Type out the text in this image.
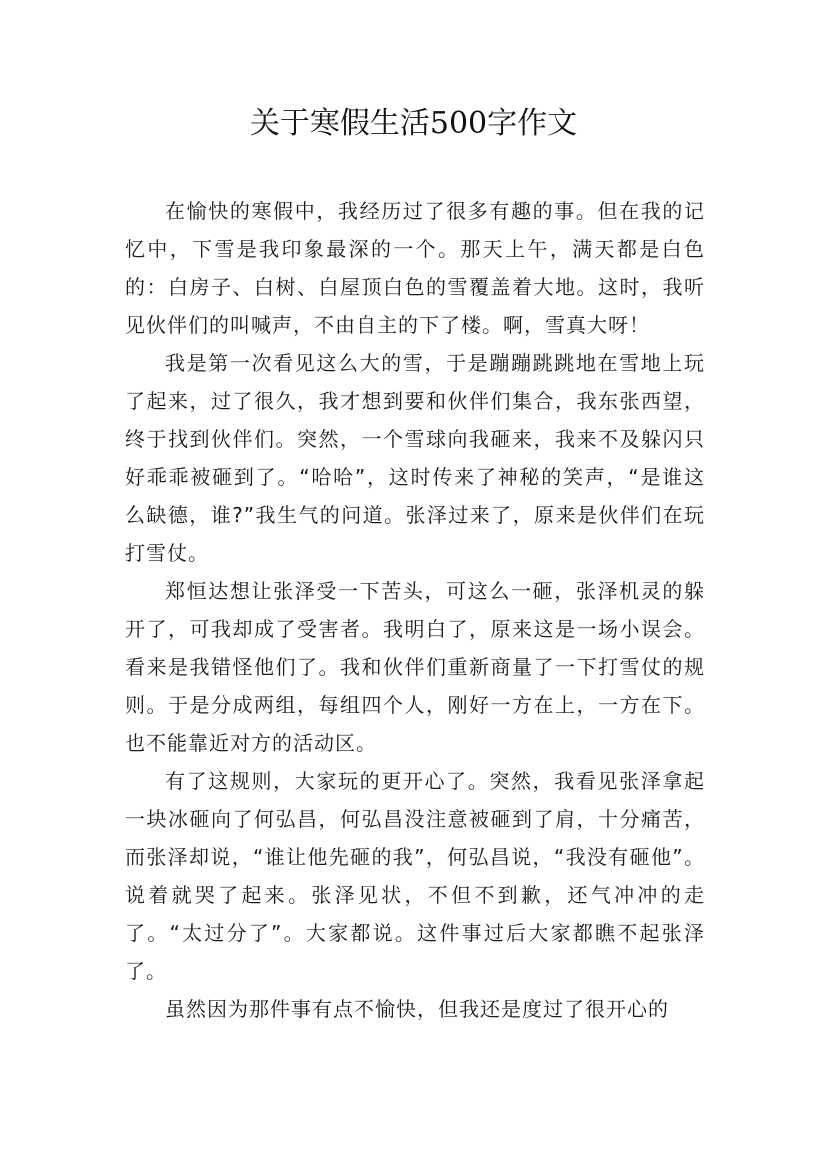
关于寒假生活500字作文

在愉快的寒假中，我经历过了很多有趣的事。但在我的记忆中，下雪是我印象最深的一个。那天上午，满天都是白色的：白房子、白树、白屋顶白色的雪覆盖着大地。这时，我听见伙伴们的叫喊声，不由自主的下了楼。啊，雪真大呀！

我是第一次看见这么大的雪，于是蹦蹦跳跳地在雪地上玩了起来，过了很久，我才想到要和伙伴们集合，我东张西望，终于找到伙伴们。突然，一个雪球向我砸来，我来不及躲闪只好乖乖被砸到了。“哈哈”，这时传来了神秘的笑声，“是谁这么缺德，谁?”我生气的问道。张泽过来了，原来是伙伴们在玩打雪仗。

郑恒达想让张泽受一下苦头，可这么一砸，张泽机灵的躲开了，可我却成了受害者。我明白了，原来这是一场小误会。看来是我错怪他们了。我和伙伴们重新商量了一下打雪仗的规则。于是分成两组，每组四个人，刚好一方在上，一方在下。也不能靠近对方的活动区。

有了这规则，大家玩的更开心了。突然，我看见张泽拿起一块冰砸向了何弘昌，何弘昌没注意被砸到了肩，十分痛苦，而张泽却说，“谁让他先砸的我”，何弘昌说，“我没有砸他”。说着就哭了起来。张泽见状，不但不到歉，还气冲冲的走了。“太过分了”。大家都说。这件事过后大家都瞧不起张泽了。

虽然因为那件事有点不愉快，但我还是度过了很开心的
